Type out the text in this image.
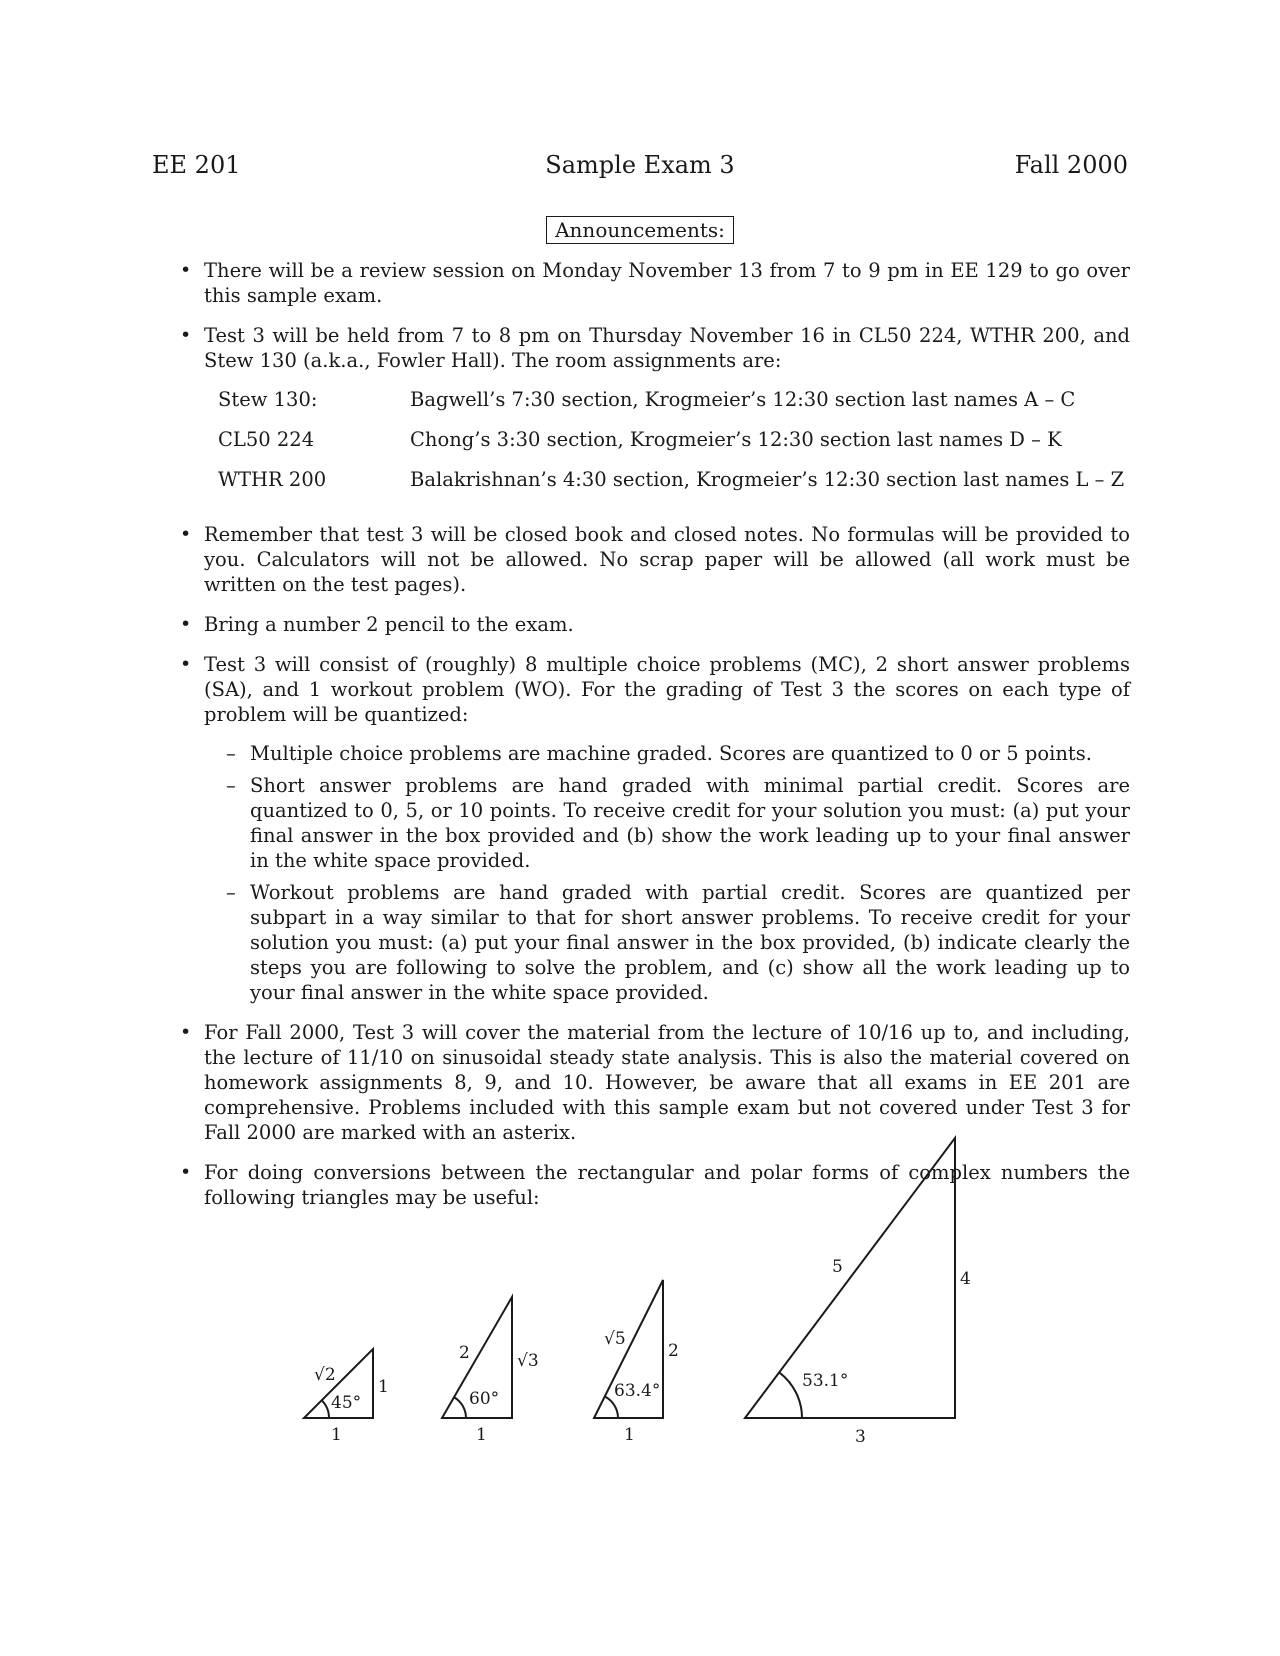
EE 201	Sample Exam 3	Fall 2000
Announcements:
• There will be a review session on Monday November 13 from 7 to 9 pm in EE 129 to go over this sample exam.
• Test 3 will be held from 7 to 8 pm on Thursday November 16 in CL50 224, WTHR 200, and Stew 130 (a.k.a., Fowler Hall). The room assignments are:
Stew 130:	Bagwell’s 7:30 section, Krogmeier’s 12:30 section last names A – C
CL50 224	Chong’s 3:30 section, Krogmeier’s 12:30 section last names D – K
WTHR 200	Balakrishnan’s 4:30 section, Krogmeier’s 12:30 section last names L – Z
• Remember that test 3 will be closed book and closed notes. No formulas will be provided to you. Calculators will not be allowed. No scrap paper will be allowed (all work must be written on the test pages).
• Bring a number 2 pencil to the exam.
• Test 3 will consist of (roughly) 8 multiple choice problems (MC), 2 short answer problems (SA), and 1 workout problem (WO). For the grading of Test 3 the scores on each type of problem will be quantized:
– Multiple choice problems are machine graded. Scores are quantized to 0 or 5 points.
– Short answer problems are hand graded with minimal partial credit. Scores are quantized to 0, 5, or 10 points. To receive credit for your solution you must: (a) put your final answer in the box provided and (b) show the work leading up to your final answer in the white space provided.
– Workout problems are hand graded with partial credit. Scores are quantized per subpart in a way similar to that for short answer problems. To receive credit for your solution you must: (a) put your final answer in the box provided, (b) indicate clearly the steps you are following to solve the problem, and (c) show all the work leading up to your final answer in the white space provided.
• For Fall 2000, Test 3 will cover the material from the lecture of 10/16 up to, and including, the lecture of 11/10 on sinusoidal steady state analysis. This is also the material covered on homework assignments 8, 9, and 10. However, be aware that all exams in EE 201 are comprehensive. Problems included with this sample exam but not covered under Test 3 for Fall 2000 are marked with an asterix.
• For doing conversions between the rectangular and polar forms of complex numbers the following triangles may be useful:
√2
1
1
45°
2	√3
1
60°
√5
2
1
63.4°
5
4
3
53.1°
